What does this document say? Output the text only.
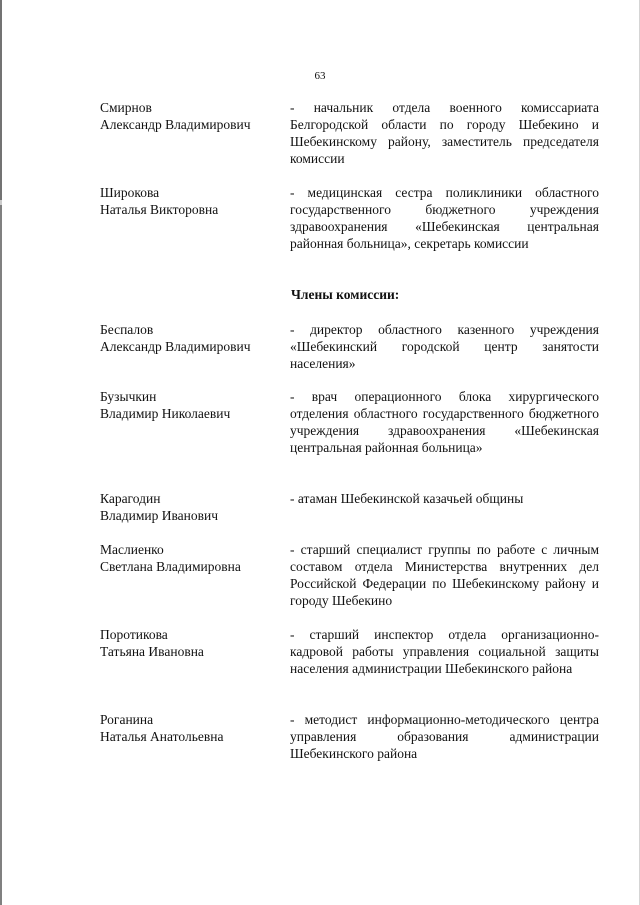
63
Смирнов
Александр Владимирович
- начальник отдела военного комиссариата Белгородской области по городу Шебекино и Шебекинскому району, заместитель председателя комиссии
Широкова
Наталья Викторовна
- медицинская сестра поликлиники областного государственного бюджетного учреждения здравоохранения «Шебекинская центральная районная больница», секретарь комиссии
Члены комиссии:
Беспалов
Александр Владимирович
- директор областного казенного учреждения «Шебекинский городской центр занятости населения»
Бузычкин
Владимир Николаевич
- врач операционного блока хирургического отделения областного государственного бюджетного учреждения здравоохранения «Шебекинская центральная районная больница»
Карагодин
Владимир Иванович
- атаман Шебекинской казачьей общины
Маслиенко
Светлана Владимировна
- старший специалист группы по работе с личным составом отдела Министерства внутренних дел Российской Федерации по Шебекинскому району и городу Шебекино
Поротикова
Татьяна Ивановна
- старший инспектор отдела организационно-кадровой работы управления социальной защиты населения администрации Шебекинского района
Роганина
Наталья Анатольевна
- методист информационно-методического центра управления образования администрации Шебекинского района
